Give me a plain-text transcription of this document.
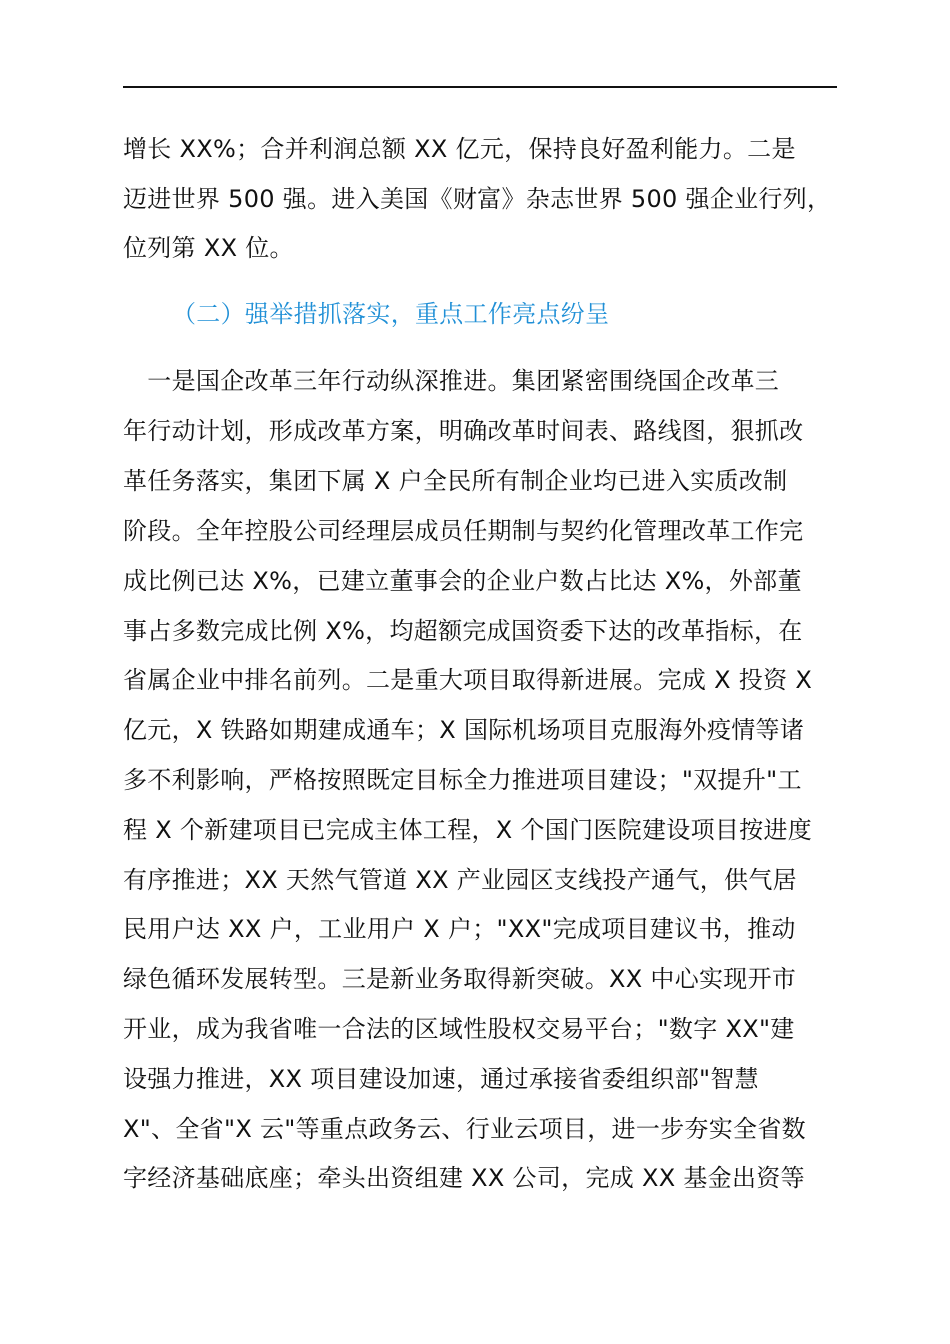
增长 XX%；合并利润总额 XX 亿元，保持良好盈利能力。二是
迈进世界 500 强。进入美国《财富》杂志世界 500 强企业行列，
位列第 XX 位。
（二）强举措抓落实，重点工作亮点纷呈
　一是国企改革三年行动纵深推进。集团紧密围绕国企改革三
年行动计划，形成改革方案，明确改革时间表、路线图，狠抓改
革任务落实，集团下属 X 户全民所有制企业均已进入实质改制
阶段。全年控股公司经理层成员任期制与契约化管理改革工作完
成比例已达 X%，已建立董事会的企业户数占比达 X%，外部董
事占多数完成比例 X%，均超额完成国资委下达的改革指标，在
省属企业中排名前列。二是重大项目取得新进展。完成 X 投资 X
亿元，X 铁路如期建成通车；X 国际机场项目克服海外疫情等诸
多不利影响，严格按照既定目标全力推进项目建设；"双提升"工
程 X 个新建项目已完成主体工程，X 个国门医院建设项目按进度
有序推进；XX 天然气管道 XX 产业园区支线投产通气，供气居
民用户达 XX 户，工业用户 X 户；"XX"完成项目建议书，推动
绿色循环发展转型。三是新业务取得新突破。XX 中心实现开市
开业，成为我省唯一合法的区域性股权交易平台；"数字 XX"建
设强力推进，XX 项目建设加速，通过承接省委组织部"智慧
X"、全省"X 云"等重点政务云、行业云项目，进一步夯实全省数
字经济基础底座；牵头出资组建 XX 公司，完成 XX 基金出资等
